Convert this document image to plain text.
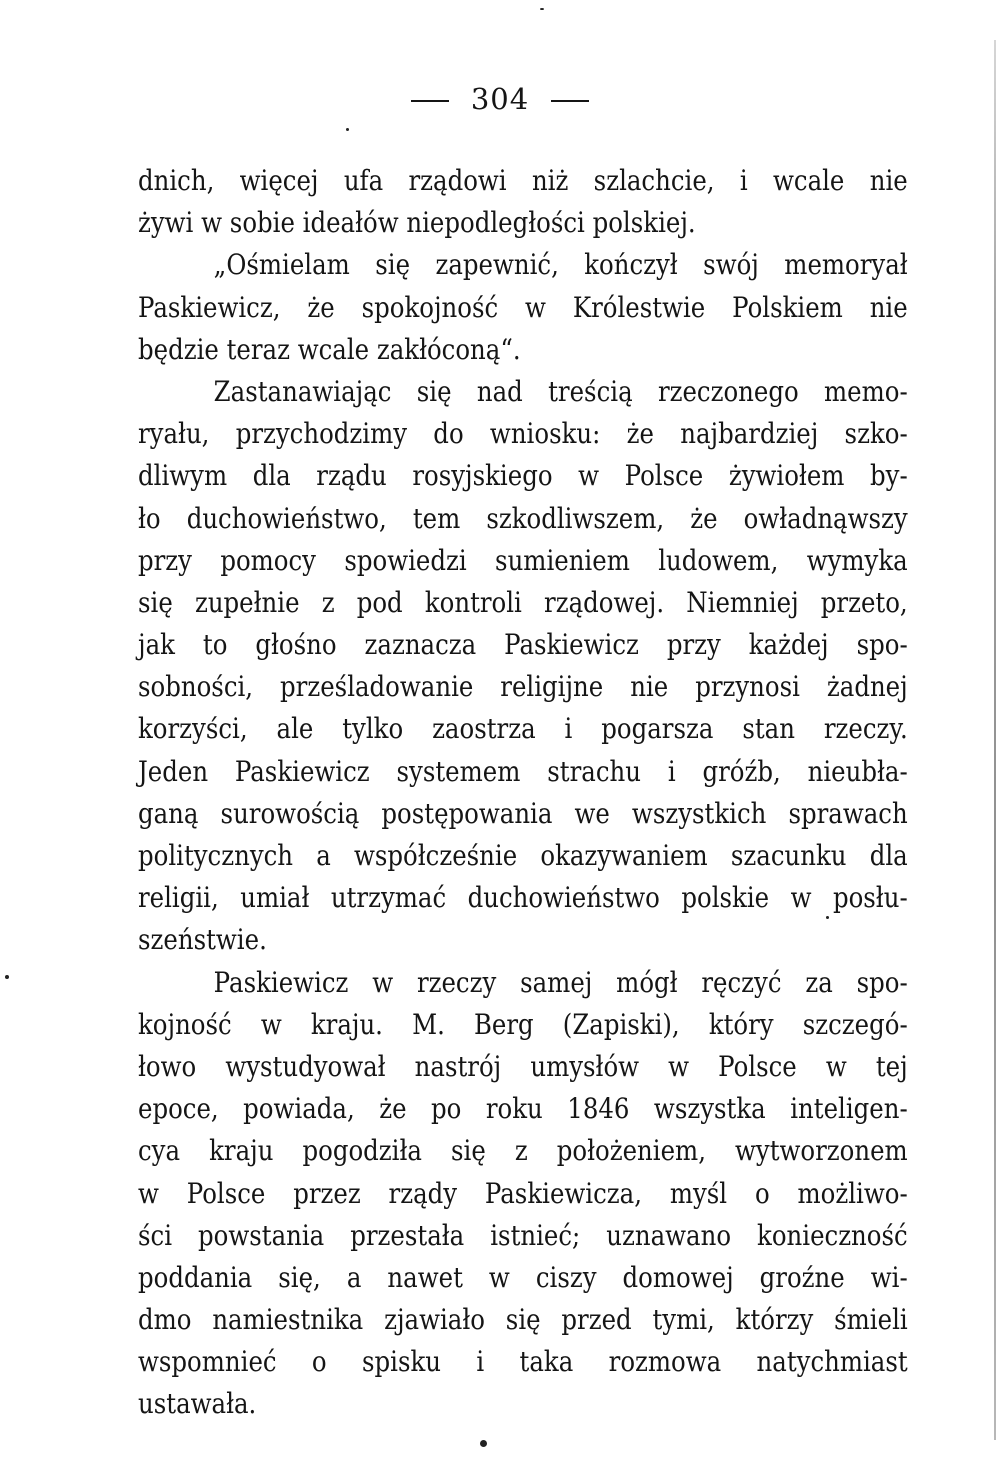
304
dnich, więcej ufa rządowi niż szlachcie, i wcale nie
żywi w sobie ideałów niepodległości polskiej.
„Ośmielam się zapewnić, kończył swój memoryał
Paskiewicz, że spokojność w Królestwie Polskiem nie
będzie teraz wcale zakłóconą“.
Zastanawiając się nad treścią rzeczonego memo-
ryału, przychodzimy do wniosku: że najbardziej szko-
dliwym dla rządu rosyjskiego w Polsce żywiołem by-
ło duchowieństwo, tem szkodliwszem, że owładnąwszy
przy pomocy spowiedzi sumieniem ludowem, wymyka
się zupełnie z pod kontroli rządowej. Niemniej przeto,
jak to głośno zaznacza Paskiewicz przy każdej spo-
sobności, prześladowanie religijne nie przynosi żadnej
korzyści, ale tylko zaostrza i pogarsza stan rzeczy.
Jeden Paskiewicz systemem strachu i gróźb, nieubła-
ganą surowością postępowania we wszystkich sprawach
politycznych a współcześnie okazywaniem szacunku dla
religii, umiał utrzymać duchowieństwo polskie w posłu-
szeństwie.
Paskiewicz w rzeczy samej mógł ręczyć za spo-
kojność w kraju. M. Berg (Zapiski), który szczegó-
łowo wystudyował nastrój umysłów w Polsce w tej
epoce, powiada, że po roku 1846 wszystka inteligen-
cya kraju pogodziła się z położeniem, wytworzonem
w Polsce przez rządy Paskiewicza, myśl o możliwo-
ści powstania przestała istnieć; uznawano konieczność
poddania się, a nawet w ciszy domowej groźne wi-
dmo namiestnika zjawiało się przed tymi, którzy śmieli
wspomnieć o spisku i taka rozmowa natychmiast
ustawała.
